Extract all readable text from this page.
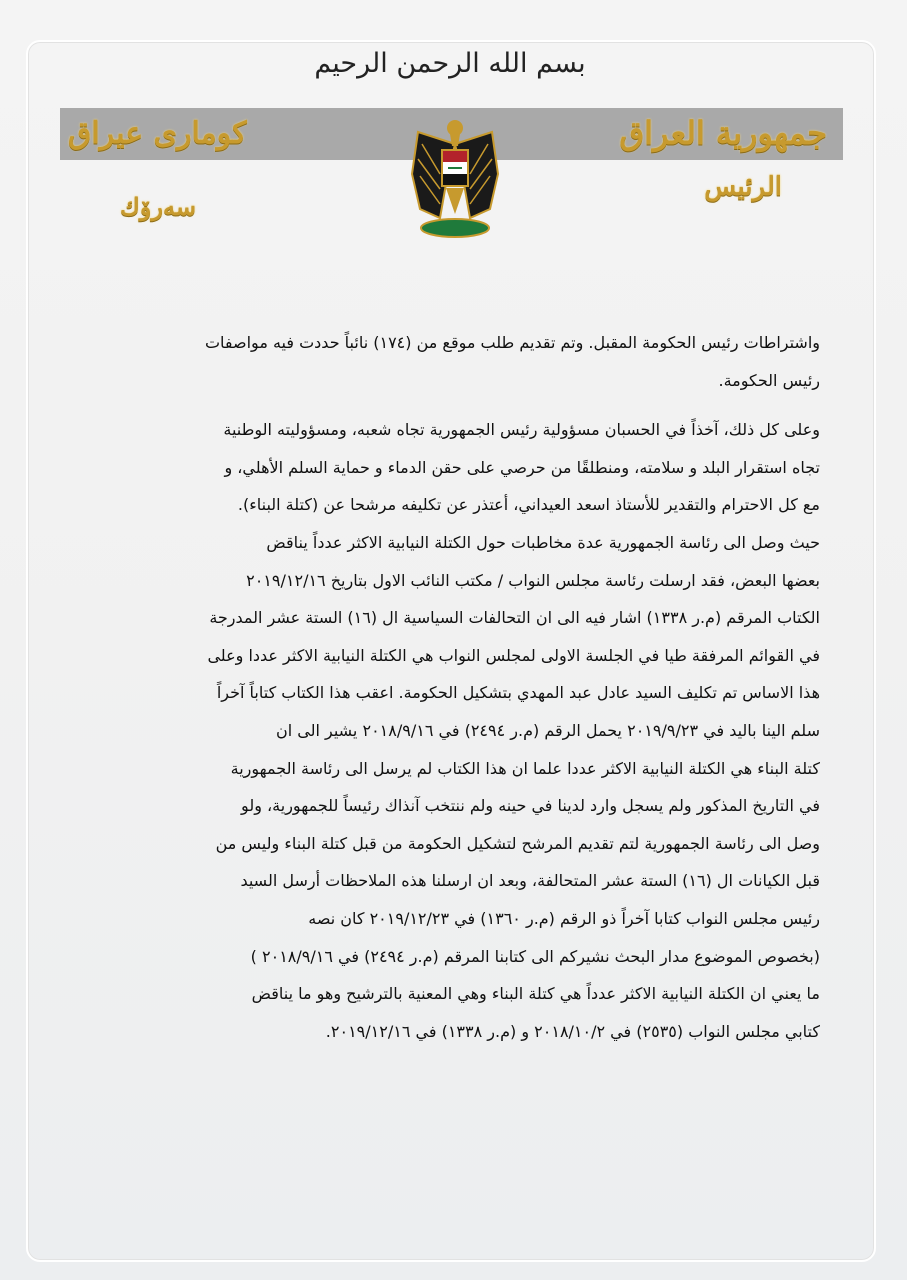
بسم الله الرحمن الرحيم
جمهورية العراق
الرئيس
كوماری عیراق
سەرۆك

واشتراطات رئيس الحكومة المقبل. وتم تقديم طلب موقع من (١٧٤) نائباً حددت فيه مواصفات
رئيس الحكومة.

وعلى كل ذلك، آخذاً في الحسبان مسؤولية رئيس الجمهورية تجاه شعبه، ومسؤوليته الوطنية
تجاه استقرار البلد و سلامته، ومنطلقًا من حرصي على حقن الدماء و حماية السلم الأهلي، و
مع كل الاحترام والتقدير للأستاذ اسعد العيداني، أعتذر عن تكليفه مرشحا عن (كتلة البناء).
حيث وصل الى رئاسة الجمهورية عدة مخاطبات حول الكتلة النيابية الاكثر عدداً يناقض
بعضها البعض، فقد ارسلت رئاسة مجلس النواب / مكتب النائب الاول بتاريخ ٢٠١٩/١٢/١٦
الكتاب المرقم (م.ر ١٣٣٨) اشار فيه الى ان التحالفات السياسية ال (١٦) الستة عشر المدرجة
في القوائم المرفقة طيا في الجلسة الاولى لمجلس النواب هي الكتلة النيابية الاكثر عددا وعلى
هذا الاساس تم تكليف السيد عادل عبد المهدي بتشكيل الحكومة. اعقب هذا الكتاب كتاباً آخراً
سلم الينا باليد في ٢٠١٩/٩/٢٣ يحمل الرقم (م.ر ٢٤٩٤) في ٢٠١٨/٩/١٦ يشير الى ان
كتلة البناء هي الكتلة النيابية الاكثر عددا علما ان هذا الكتاب لم يرسل الى رئاسة الجمهورية
في التاريخ المذكور ولم يسجل وارد لدينا في حينه ولم ننتخب آنذاك رئيساً للجمهورية، ولو
وصل الى رئاسة الجمهورية لتم تقديم المرشح لتشكيل الحكومة من قبل كتلة البناء وليس من
قبل الكيانات ال (١٦) الستة عشر المتحالفة، وبعد ان ارسلنا هذه الملاحظات أرسل السيد
رئيس مجلس النواب كتابا آخراً ذو الرقم (م.ر ١٣٦٠) في ٢٠١٩/١٢/٢٣ كان نصه
(بخصوص الموضوع مدار البحث نشيركم الى كتابنا المرقم (م.ر ٢٤٩٤) في ٢٠١٨/٩/١٦ )
ما يعني ان الكتلة النيابية الاكثر عدداً هي كتلة البناء وهي المعنية بالترشيح وهو ما يناقض
كتابي مجلس النواب (٢٥٣٥) في ٢٠١٨/١٠/٢ و (م.ر ١٣٣٨) في ٢٠١٩/١٢/١٦.
